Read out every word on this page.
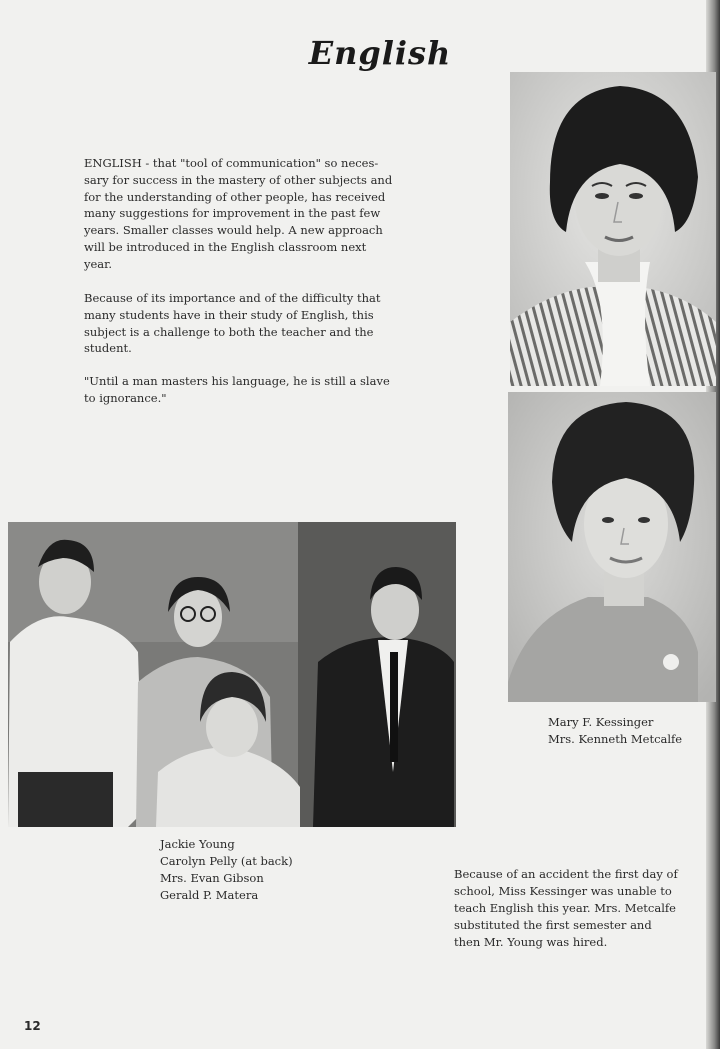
English

ENGLISH - that "tool of communication" so neces-sary for success in the mastery of other subjects and for the understanding of other people, has received many suggestions for improvement in the past few years. Smaller classes would help. A new approach will be introduced in the English classroom next year.

Because of its importance and of the difficulty that many students have in their study of English, this subject is a challenge to both the teacher and the student.

"Until a man masters his language, he is still a slave to ignorance."

Mary F. Kessinger
Mrs. Kenneth Metcalfe
Jackie Young
Carolyn Pelly (at back)
Mrs. Evan Gibson
Gerald P. Matera

Because of an accident the first day of school, Miss Kessinger was unable to teach English this year. Mrs. Metcalfe substituted the first semester and then Mr. Young was hired.

12
